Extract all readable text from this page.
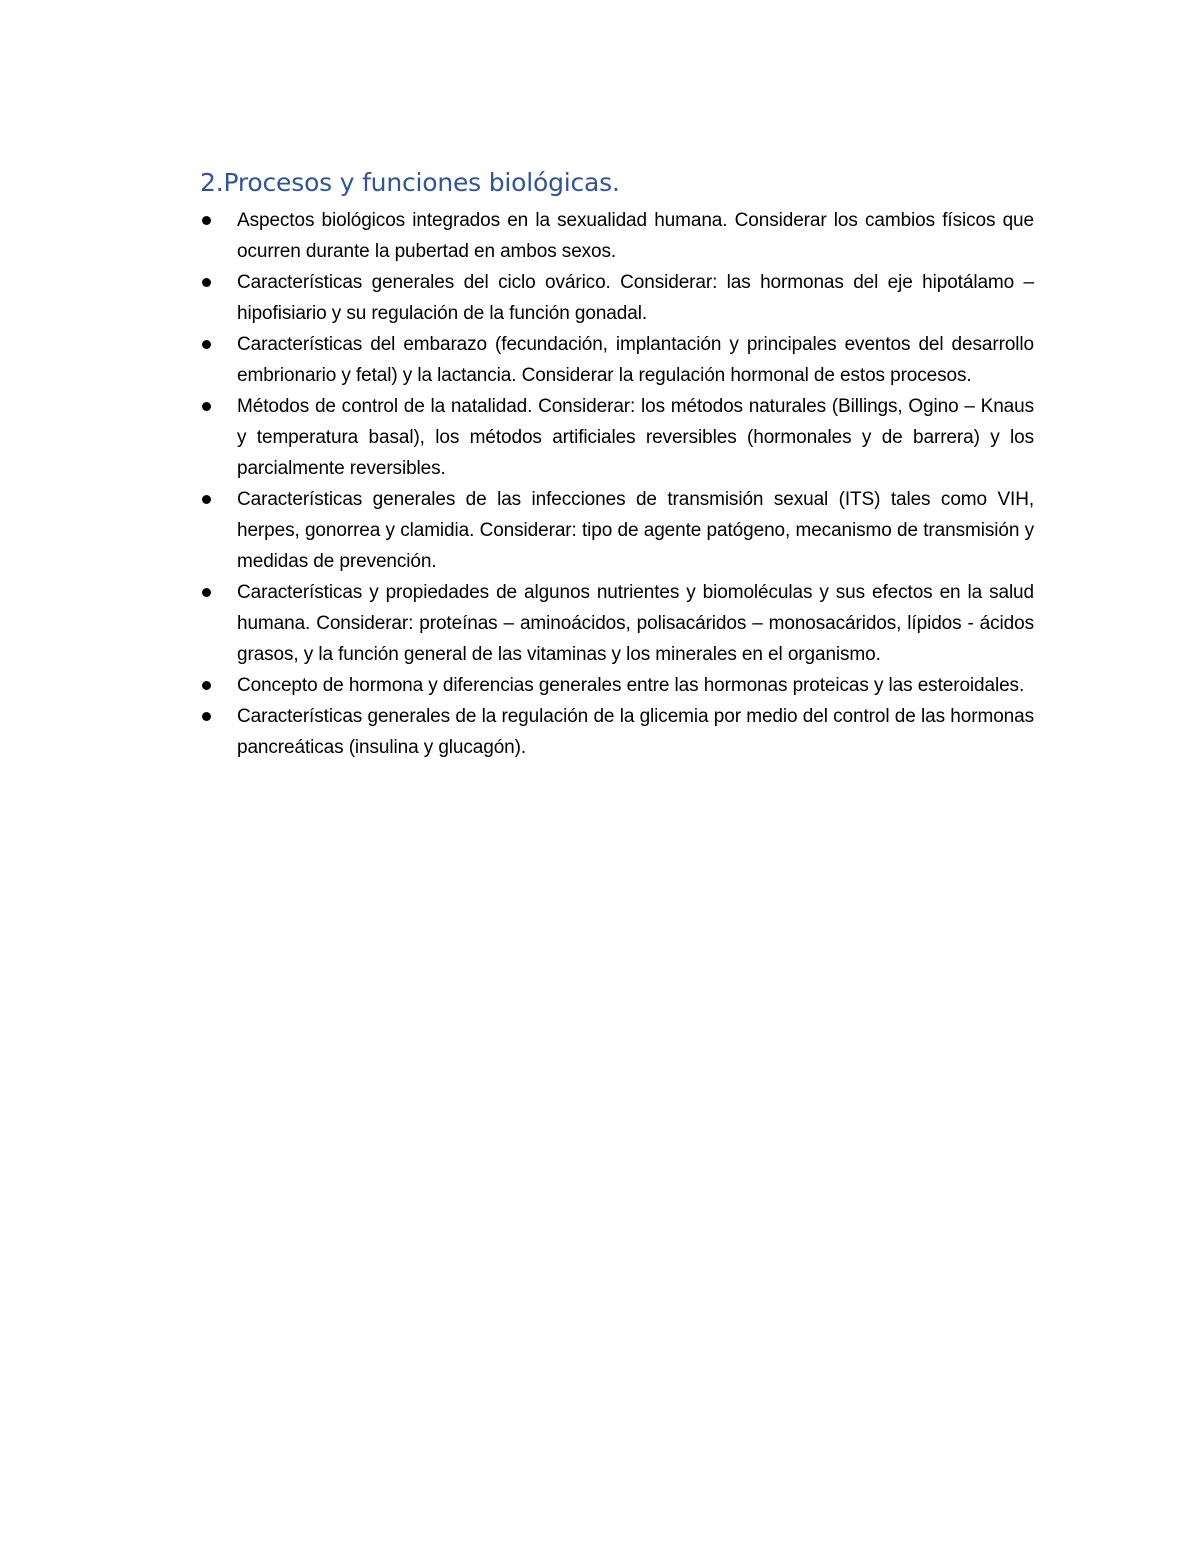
2.Procesos y funciones biológicas.
Aspectos biológicos integrados en la sexualidad humana. Considerar los cambios físicos que ocurren durante la pubertad en ambos sexos.
Características generales del ciclo ovárico. Considerar: las hormonas del eje hipotálamo – hipofisiario y su regulación de la función gonadal.
Características del embarazo (fecundación, implantación y principales eventos del desarrollo embrionario y fetal) y la lactancia. Considerar la regulación hormonal de estos procesos.
Métodos de control de la natalidad. Considerar: los métodos naturales (Billings, Ogino – Knaus y temperatura basal), los métodos artificiales reversibles (hormonales y de barrera) y los parcialmente reversibles.
Características generales de las infecciones de transmisión sexual (ITS) tales como VIH, herpes, gonorrea y clamidia. Considerar: tipo de agente patógeno, mecanismo de transmisión y medidas de prevención.
Características y propiedades de algunos nutrientes y biomoléculas y sus efectos en la salud humana. Considerar: proteínas – aminoácidos, polisacáridos – monosacáridos, lípidos - ácidos grasos, y la función general de las vitaminas y los minerales en el organismo.
Concepto de hormona y diferencias generales entre las hormonas proteicas y las esteroidales.
Características generales de la regulación de la glicemia por medio del control de las hormonas pancreáticas (insulina y glucagón).
